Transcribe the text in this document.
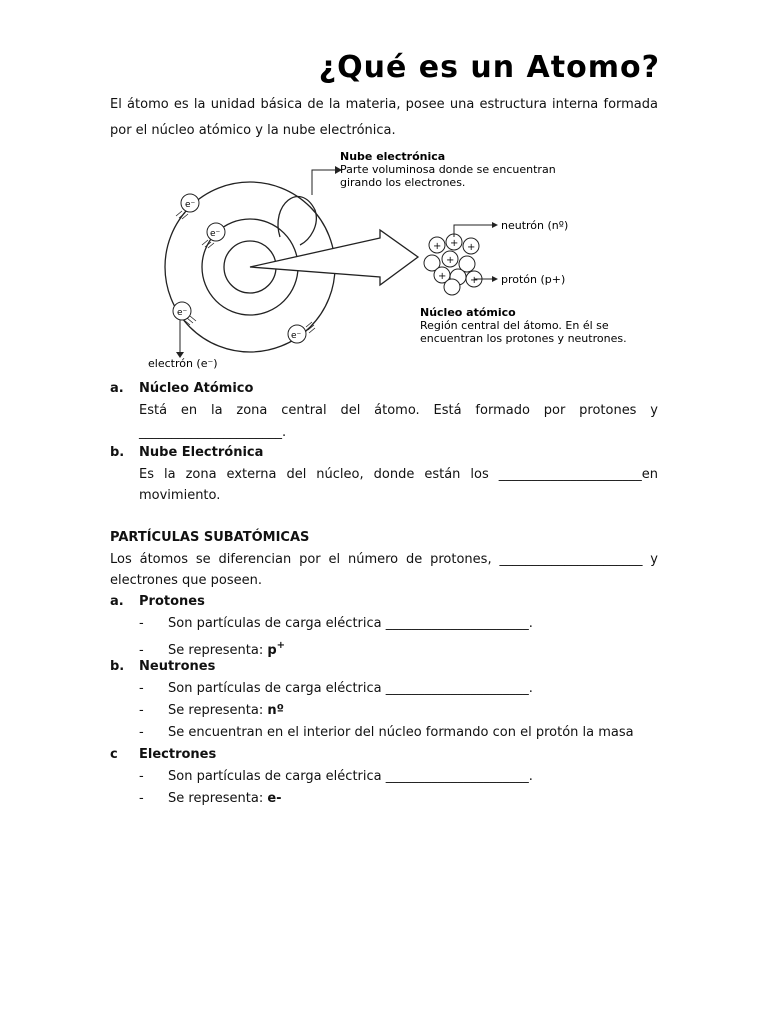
¿Qué es un Atomo?

El átomo es la unidad básica de la materia, posee una estructura interna formada por el núcleo atómico y la nube electrónica.

e⁻
e⁻
e⁻
e⁻
+ + +
+
+
+
Nube electrónica
Parte voluminosa donde se encuentran
girando los electrones.
neutrón (nº)
protón (p+)
Núcleo atómico
Región central del átomo. En él se
encuentran los protones y neutrones.
electrón (e⁻)
a.	Núcleo Atómico
Está en la zona central del átomo. Está formado por protones y
______________________.
b.	Nube Electrónica
Es la zona externa del núcleo, donde están los ______________________en
movimiento.
PARTÍCULAS SUBATÓMICAS
Los átomos se diferencian por el número de protones, ______________________ y
electrones que poseen.
a.	Protones
- Son partículas de carga eléctrica ______________________.
- Se representa: p+
b.	Neutrones
- Son partículas de carga eléctrica ______________________.
- Se representa: nº
- Se encuentran en el interior del núcleo formando con el protón la masa
c	Electrones
- Son partículas de carga eléctrica ______________________.
- Se representa: e-
